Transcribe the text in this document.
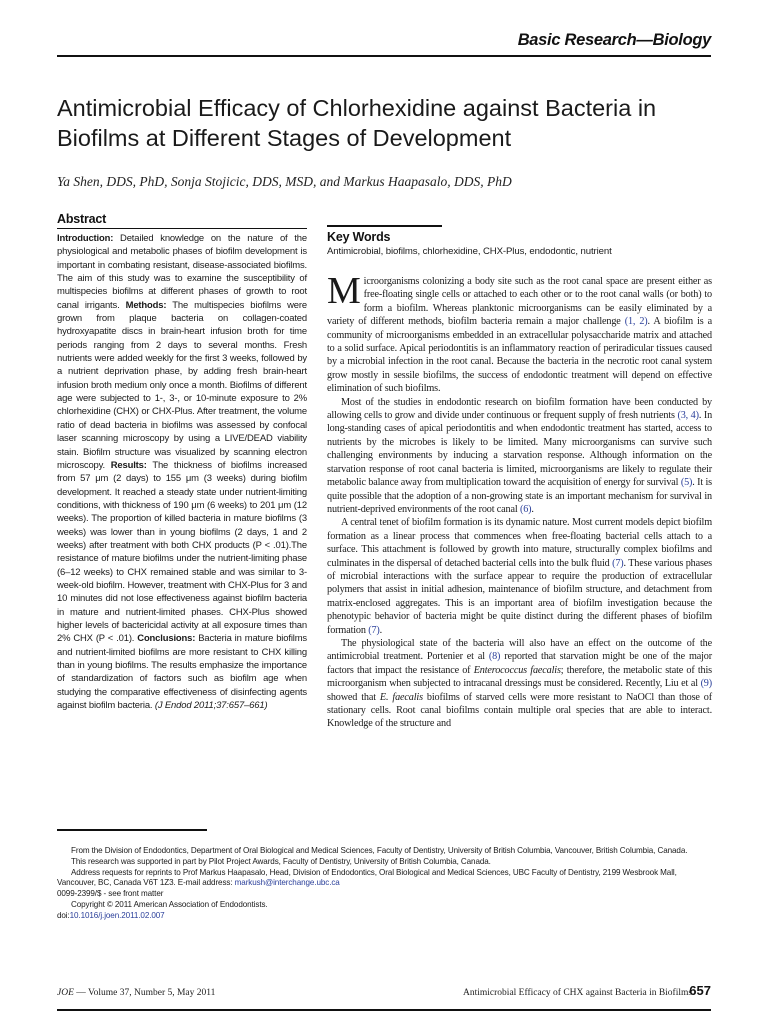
Basic Research—Biology
Antimicrobial Efficacy of Chlorhexidine against Bacteria in Biofilms at Different Stages of Development
Ya Shen, DDS, PhD, Sonja Stojicic, DDS, MSD, and Markus Haapasalo, DDS, PhD
Abstract

Introduction: Detailed knowledge on the nature of the physiological and metabolic phases of biofilm development is important in combating resistant, disease-associated biofilms. The aim of this study was to examine the susceptibility of multispecies biofilms at different phases of growth to root canal irrigants. Methods: The multispecies biofilms were grown from plaque bacteria on collagen-coated hydroxyapatite discs in brain-heart infusion broth for time periods ranging from 2 days to several months. Fresh nutrients were added weekly for the first 3 weeks, followed by a nutrient deprivation phase, by adding fresh brain-heart infusion broth medium only once a month. Biofilms of different age were subjected to 1-, 3-, or 10-minute exposure to 2% chlorhexidine (CHX) or CHX-Plus. After treatment, the volume ratio of dead bacteria in biofilms was assessed by confocal laser scanning microscopy by using a LIVE/DEAD viability stain. Biofilm structure was visualized by scanning electron microscopy. Results: The thickness of biofilms increased from 57 μm (2 days) to 155 μm (3 weeks) during biofilm development. It reached a steady state under nutrient-limiting conditions, with thickness of 190 μm (6 weeks) to 201 μm (12 weeks). The proportion of killed bacteria in mature biofilms (3 weeks) was lower than in young biofilms (2 days, 1 and 2 weeks) after treatment with both CHX products (P < .01).The resistance of mature biofilms under the nutrient-limiting phase (6–12 weeks) to CHX remained stable and was similar to 3-week-old biofilm. However, treatment with CHX-Plus for 3 and 10 minutes did not lose effectiveness against biofilm bacteria in mature and nutrient-limited phases. CHX-Plus showed higher levels of bactericidal activity at all exposure times than 2% CHX (P < .01). Conclusions: Bacteria in mature biofilms and nutrient-limited biofilms are more resistant to CHX killing than in young biofilms. The results emphasize the importance of standardization of factors such as biofilm age when studying the comparative effectiveness of disinfecting agents against biofilm bacteria. (J Endod 2011;37:657–661)

Key Words
Antimicrobial, biofilms, chlorhexidine, CHX-Plus, endodontic, nutrient

Microorganisms colonizing a body site such as the root canal space are present either as free-floating single cells or attached to each other or to the root canal walls (or both) to form a biofilm. Whereas planktonic microorganisms can be easily eliminated by a variety of different methods, biofilm bacteria remain a major challenge (1, 2). A biofilm is a community of microorganisms embedded in an extracellular polysaccharide matrix and attached to a solid surface. Apical periodontitis is an inflammatory reaction of periradicular tissues caused by a microbial infection in the root canal. Because the bacteria in the necrotic root canal system grow mostly in sessile biofilms, the success of endodontic treatment will depend on effective elimination of such biofilms.

Most of the studies in endodontic research on biofilm formation have been conducted by allowing cells to grow and divide under continuous or frequent supply of fresh nutrients (3, 4). In long-standing cases of apical periodontitis and when endodontic treatment has started, access to nutrients by the microbes is likely to be limited. Many microorganisms can survive such challenging environments by inducing a starvation response. Although information on the starvation response of root canal bacteria is limited, microorganisms are likely to regulate their metabolic balance away from multiplication toward the acquisition of energy for survival (5). It is quite possible that the adoption of a non-growing state is an important mechanism for survival in nutrient-deprived environments of the root canal (6).

A central tenet of biofilm formation is its dynamic nature. Most current models depict biofilm formation as a linear process that commences when free-floating bacterial cells attach to a surface. This attachment is followed by growth into mature, structurally complex biofilms and culminates in the dispersal of detached bacterial cells into the bulk fluid (7). These various phases of microbial interactions with the surface appear to require the production of extracellular polymers that assist in initial adhesion, maintenance of biofilm structure, and detachment from matrix-enclosed aggregates. This is an important area of biofilm investigation because the phenotypic behavior of bacteria might be quite distinct during the different phases of biofilm formation (7).

The physiological state of the bacteria will also have an effect on the outcome of the antimicrobial treatment. Portenier et al (8) reported that starvation might be one of the major factors that impact the resistance of Enterococcus faecalis; therefore, the metabolic state of this microorganism when subjected to intracanal dressings must be considered. Recently, Liu et al (9) showed that E. faecalis biofilms of starved cells were more resistant to NaOCl than those of stationary cells. Root canal biofilms contain multiple oral species that are able to interact. Knowledge of the structure and

From the Division of Endodontics, Department of Oral Biological and Medical Sciences, Faculty of Dentistry, University of British Columbia, Vancouver, British Columbia, Canada.

This research was supported in part by Pilot Project Awards, Faculty of Dentistry, University of British Columbia, Canada.

Address requests for reprints to Prof Markus Haapasalo, Head, Division of Endodontics, Oral Biological and Medical Sciences, UBC Faculty of Dentistry, 2199 Wesbrook Mall, Vancouver, BC, Canada V6T 1Z3. E-mail address: markush@interchange.ubc.ca

0099-2399/$ - see front matter

Copyright © 2011 American Association of Endodontists.

doi:10.1016/j.joen.2011.02.007

JOE — Volume 37, Number 5, May 2011	Antimicrobial Efficacy of CHX against Bacteria in Biofilms
657
